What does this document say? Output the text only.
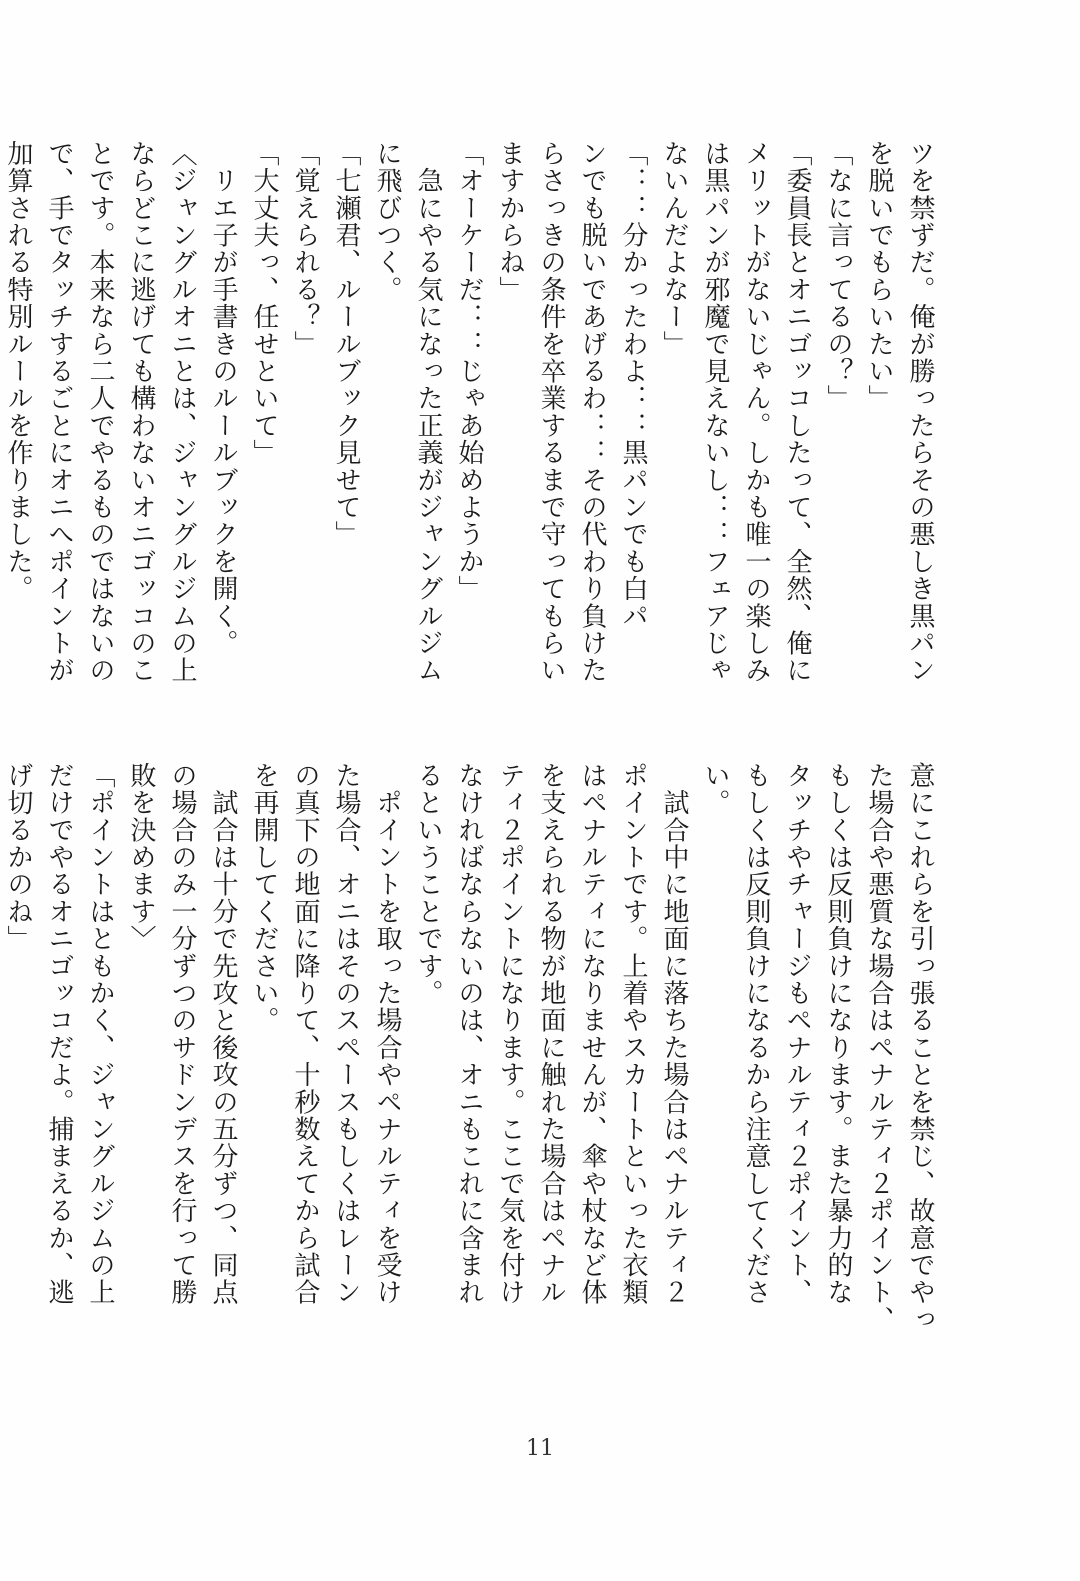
ツを禁ずだ。俺が勝ったらその悪しき黒パン
を脱いでもらいたい」
「なに言ってるの？」
「委員長とオニゴッコしたって、全然、俺に
メリットがないじゃん。しかも唯一の楽しみ
は黒パンが邪魔で見えないし：：フェアじゃ
ないんだよなー」
「：：分かったわよ：：黒パンでも白パ
ンでも脱いであげるわ：：その代わり負けた
らさっきの条件を卒業するまで守ってもらい
ますからね」
「オーケーだ：：じゃあ始めようか」
　急にやる気になった正義がジャングルジム
に飛びつく。
「七瀬君、ルールブック見せて」
「覚えられる？」
「大丈夫っ、任せといて」
　リエ子が手書きのルールブックを開く。
〈ジャングルオニとは、ジャングルジムの上
ならどこに逃げても構わないオニゴッコのこ
とです。本来なら二人でやるものではないの
で、手でタッチするごとにオニへポイントが
加算される特別ルールを作りました。
意にこれらを引っ張ることを禁じ、故意でやっ
た場合や悪質な場合はペナルティ２ポイント、
もしくは反則負けになります。また暴力的な
タッチやチャージもペナルティ２ポイント、
もしくは反則負けになるから注意してくださ
い。
　試合中に地面に落ちた場合はペナルティ２
ポイントです。上着やスカートといった衣類
はペナルティになりませんが、傘や杖など体
を支えられる物が地面に触れた場合はペナル
ティ２ポイントになります。ここで気を付け
なければならないのは、オニもこれに含まれ
るということです。
　ポイントを取った場合やペナルティを受け
た場合、オニはそのスペースもしくはレーン
の真下の地面に降りて、十秒数えてから試合
を再開してください。
　試合は十分で先攻と後攻の五分ずつ、同点
の場合のみ一分ずつのサドンデスを行って勝
敗を決めます〉
「ポイントはともかく、ジャングルジムの上
だけでやるオニゴッコだよ。捕まえるか、逃
げ切るかのね」
11
